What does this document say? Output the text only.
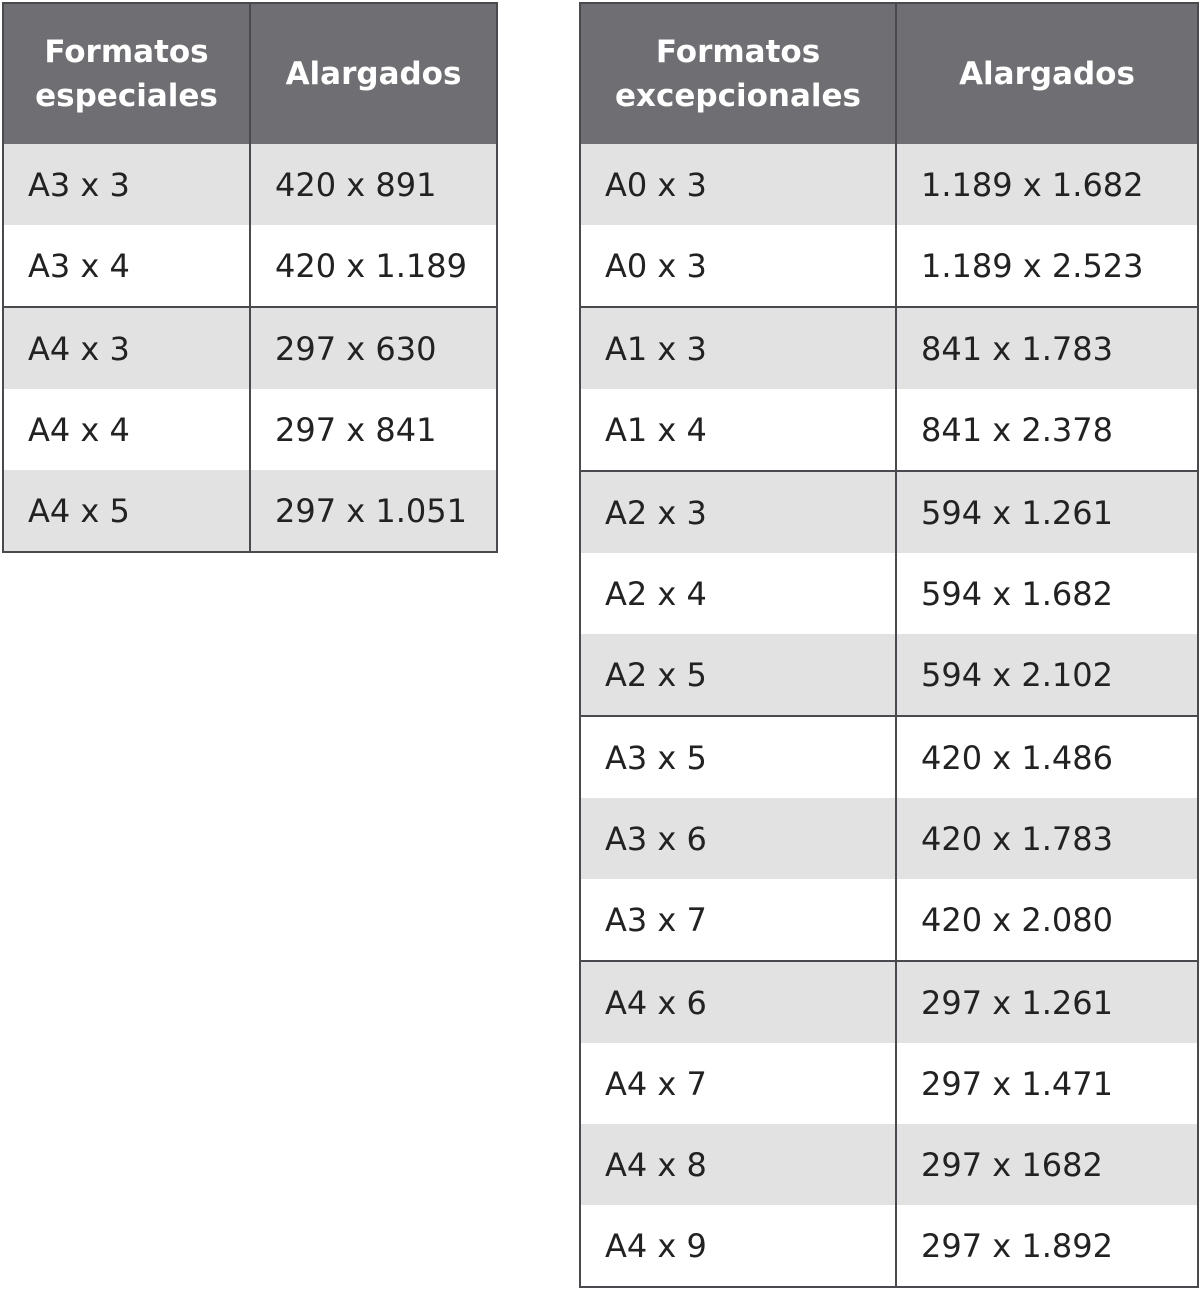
Formatos
especiales	Alargados
A3 x 3	420 x 891
A3 x 4	420 x 1.189
A4 x 3	297 x 630
A4 x 4	297 x 841
A4 x 5	297 x 1.051
Formatos
excepcionales	Alargados
A0 x 3	1.189 x 1.682
A0 x 3	1.189 x 2.523
A1 x 3	841 x 1.783
A1 x 4	841 x 2.378
A2 x 3	594 x 1.261
A2 x 4	594 x 1.682
A2 x 5	594 x 2.102
A3 x 5	420 x 1.486
A3 x 6	420 x 1.783
A3 x 7	420 x 2.080
A4 x 6	297 x 1.261
A4 x 7	297 x 1.471
A4 x 8	297 x 1682
A4 x 9	297 x 1.892
